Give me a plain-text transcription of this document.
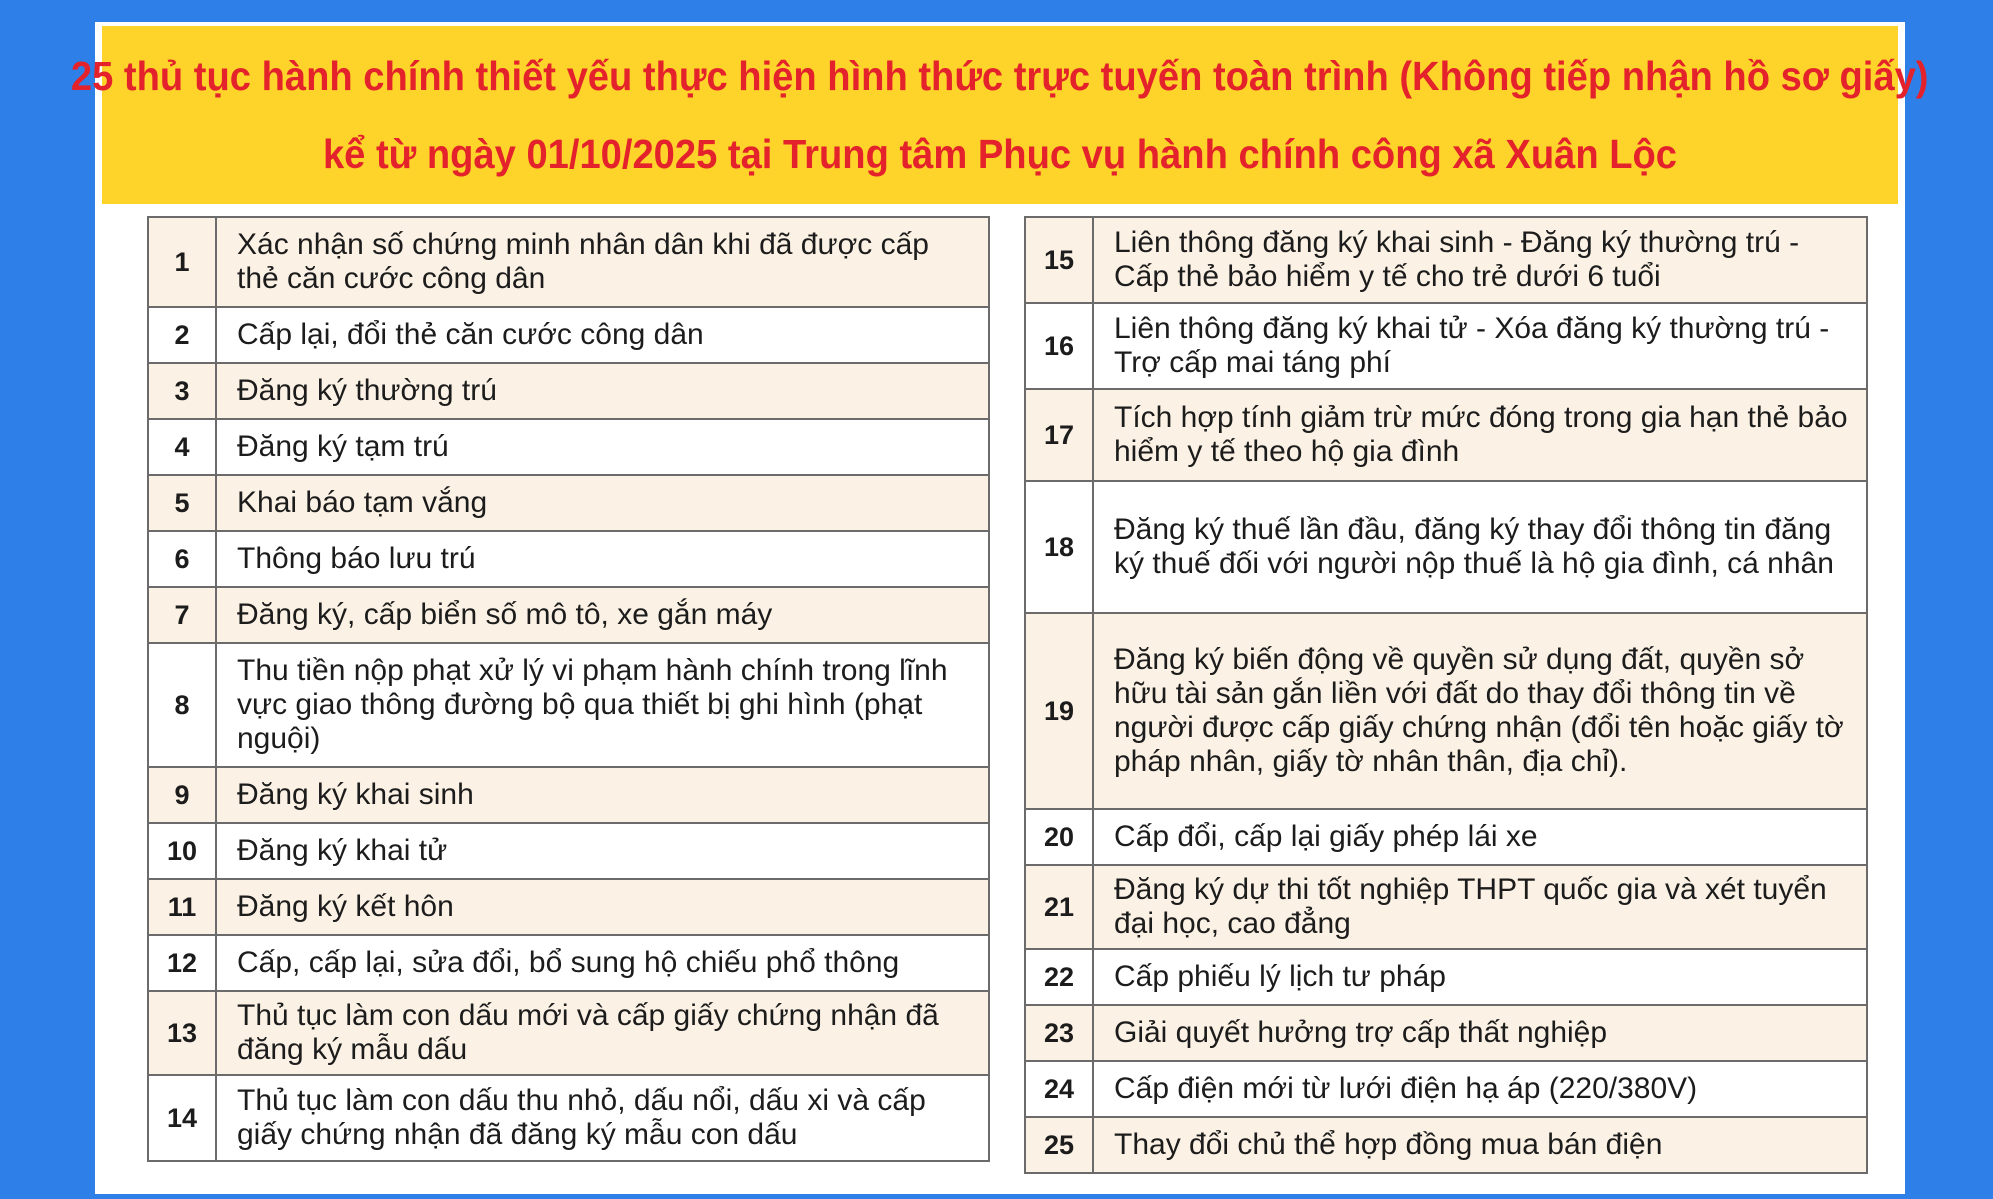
25 thủ tục hành chính thiết yếu thực hiện hình thức trực tuyến toàn trình (Không tiếp nhận hồ sơ giấy)
kể từ ngày 01/10/2025 tại Trung tâm Phục vụ hành chính công xã Xuân Lộc
1	Xác nhận số chứng minh nhân dân khi đã được cấp thẻ căn cước công dân
2	Cấp lại, đổi thẻ căn cước công dân
3	Đăng ký thường trú
4	Đăng ký tạm trú
5	Khai báo tạm vắng
6	Thông báo lưu trú
7	Đăng ký, cấp biển số mô tô, xe gắn máy
8	Thu tiền nộp phạt xử lý vi phạm hành chính trong lĩnh vực giao thông đường bộ qua thiết bị ghi hình (phạt nguội)
9	Đăng ký khai sinh
10	Đăng ký khai tử
11	Đăng ký kết hôn
12	Cấp, cấp lại, sửa đổi, bổ sung hộ chiếu phổ thông
13	Thủ tục làm con dấu mới và cấp giấy chứng nhận đã đăng ký mẫu dấu
14	Thủ tục làm con dấu thu nhỏ, dấu nổi, dấu xi và cấp giấy chứng nhận đã đăng ký mẫu con dấu
15	Liên thông đăng ký khai sinh - Đăng ký thường trú - Cấp thẻ bảo hiểm y tế cho trẻ dưới 6 tuổi
16	Liên thông đăng ký khai tử - Xóa đăng ký thường trú - Trợ cấp mai táng phí
17	Tích hợp tính giảm trừ mức đóng trong gia hạn thẻ bảo hiểm y tế theo hộ gia đình
18	Đăng ký thuế lần đầu, đăng ký thay đổi thông tin đăng ký thuế đối với người nộp thuế là hộ gia đình, cá nhân
19	Đăng ký biến động về quyền sử dụng đất, quyền sở hữu tài sản gắn liền với đất do thay đổi thông tin về người được cấp giấy chứng nhận (đổi tên hoặc giấy tờ pháp nhân, giấy tờ nhân thân, địa chỉ).
20	Cấp đổi, cấp lại giấy phép lái xe
21	Đăng ký dự thi tốt nghiệp THPT quốc gia và xét tuyển đại học, cao đẳng
22	Cấp phiếu lý lịch tư pháp
23	Giải quyết hưởng trợ cấp thất nghiệp
24	Cấp điện mới từ lưới điện hạ áp (220/380V)
25	Thay đổi chủ thể hợp đồng mua bán điện
